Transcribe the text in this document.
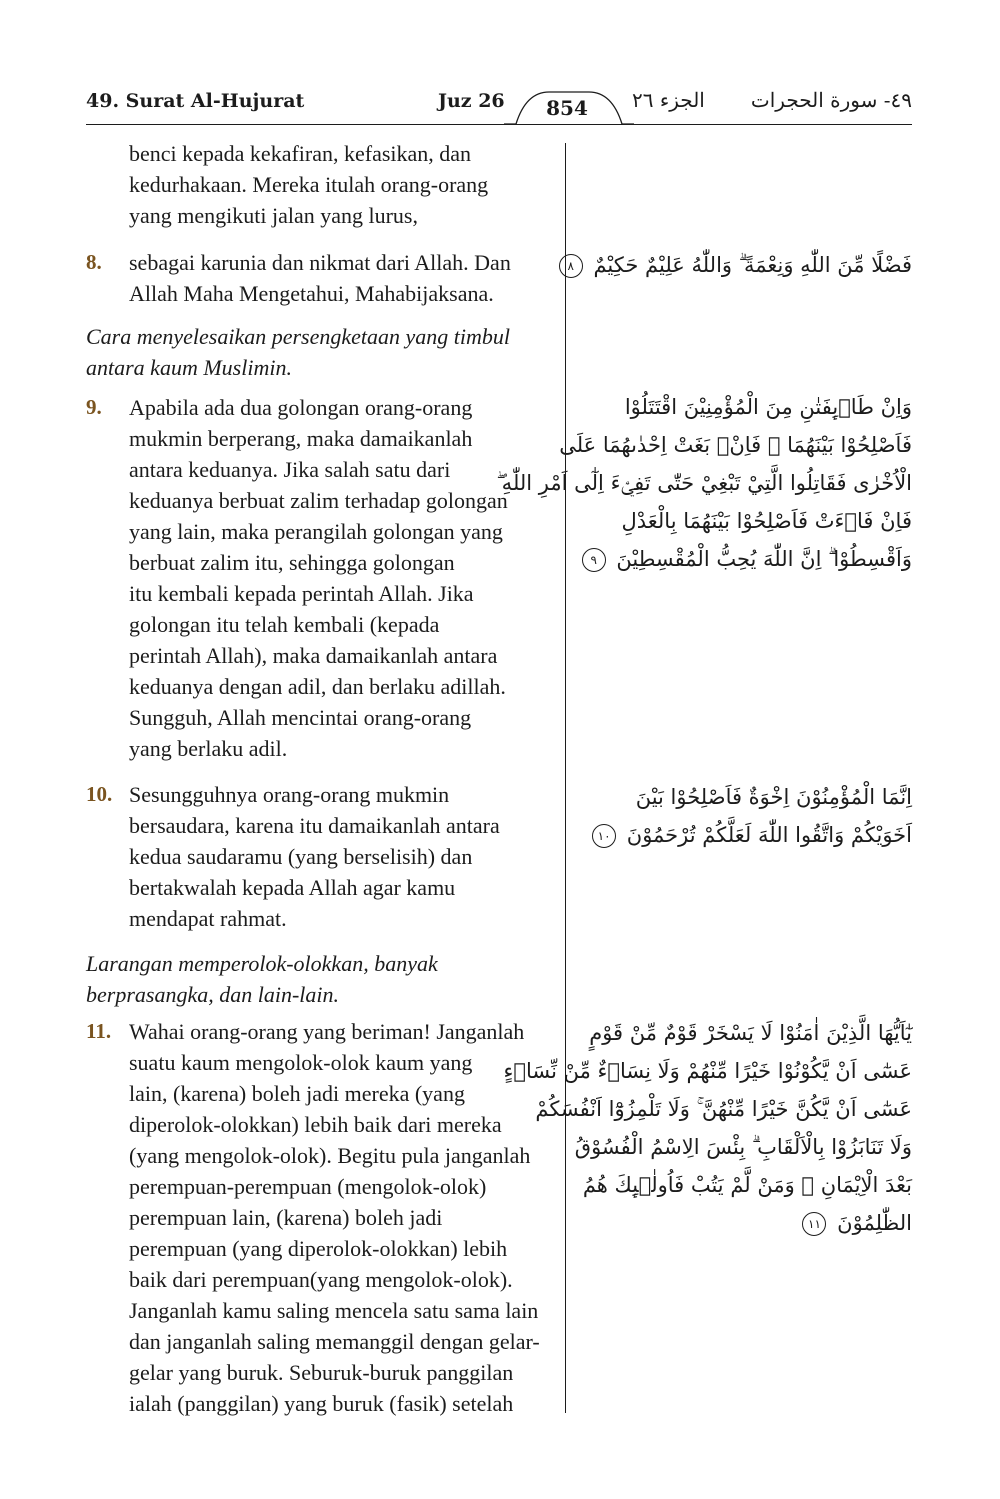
49. Surat Al-Hujurat	Juz 26	854	الجزء ٢٦ ٤٩- سورة الحجرات
benci kepada kekafiran, kefasikan, dan
kedurhakaan. Mereka itulah orang-orang
yang mengikuti jalan yang lurus,
8. sebagai karunia dan nikmat dari Allah. Dan
Allah Maha Mengetahui, Mahabijaksana.
Cara menyelesaikan persengketaan yang timbul
antara kaum Muslimin.
9. Apabila ada dua golongan orang-orang
mukmin berperang, maka damaikanlah
antara keduanya. Jika salah satu dari
keduanya berbuat zalim terhadap golongan
yang lain, maka perangilah golongan yang
berbuat zalim itu, sehingga golongan
itu kembali kepada perintah Allah. Jika
golongan itu telah kembali (kepada
perintah Allah), maka damaikanlah antara
keduanya dengan adil, dan berlaku adillah.
Sungguh, Allah mencintai orang-orang
yang berlaku adil.
10. Sesungguhnya orang-orang mukmin
bersaudara, karena itu damaikanlah antara
kedua saudaramu (yang berselisih) dan
bertakwalah kepada Allah agar kamu
mendapat rahmat.
Larangan memperolok-olokkan, banyak
berprasangka, dan lain-lain.
11. Wahai orang-orang yang beriman! Janganlah
suatu kaum mengolok-olok kaum yang
lain, (karena) boleh jadi mereka (yang
diperolok-olokkan) lebih baik dari mereka
(yang mengolok-olok). Begitu pula janganlah
perempuan-perempuan (mengolok-olok)
perempuan lain, (karena) boleh jadi
perempuan (yang diperolok-olokkan) lebih
baik dari perempuan(yang mengolok-olok).
Janganlah kamu saling mencela satu sama lain
dan janganlah saling memanggil dengan gelar-
gelar yang buruk. Seburuk-buruk panggilan
ialah (panggilan) yang buruk (fasik) setelah
فَضْلًا مِّنَ اللّٰهِ وَنِعْمَةً ۗ وَاللّٰهُ عَلِيْمٌ حَكِيْمٌ ٨
وَاِنْ طَاۤىِٕفَتٰنِ مِنَ الْمُؤْمِنِيْنَ اقْتَتَلُوْا
فَاَصْلِحُوْا بَيْنَهُمَا ۚ فَاِنْۢ بَغَتْ اِحْدٰىهُمَا عَلَى
الْاُخْرٰى فَقَاتِلُوا الَّتِيْ تَبْغِيْ حَتّٰى تَفِيْۤءَ اِلٰٓى اَمْرِ اللّٰهِ ۖ
فَاِنْ فَاۤءَتْ فَاَصْلِحُوْا بَيْنَهُمَا بِالْعَدْلِ
وَاَقْسِطُوْا ۗ اِنَّ اللّٰهَ يُحِبُّ الْمُقْسِطِيْنَ ٩
اِنَّمَا الْمُؤْمِنُوْنَ اِخْوَةٌ فَاَصْلِحُوْا بَيْنَ
اَخَوَيْكُمْ وَاتَّقُوا اللّٰهَ لَعَلَّكُمْ تُرْحَمُوْنَ ١٠
يٰٓاَيُّهَا الَّذِيْنَ اٰمَنُوْا لَا يَسْخَرْ قَوْمٌ مِّنْ قَوْمٍ
عَسٰٓى اَنْ يَّكُوْنُوْا خَيْرًا مِّنْهُمْ وَلَا نِسَاۤءٌ مِّنْ نِّسَاۤءٍ
عَسٰٓى اَنْ يَّكُنَّ خَيْرًا مِّنْهُنَّ ۚ وَلَا تَلْمِزُوْٓا اَنْفُسَكُمْ
وَلَا تَنَابَزُوْا بِالْاَلْقَابِ ۗ بِئْسَ الِاسْمُ الْفُسُوْقُ
بَعْدَ الْاِيْمَانِ ۚ وَمَنْ لَّمْ يَتُبْ فَاُولٰۤىِٕكَ هُمُ
الظّٰلِمُوْنَ ١١
